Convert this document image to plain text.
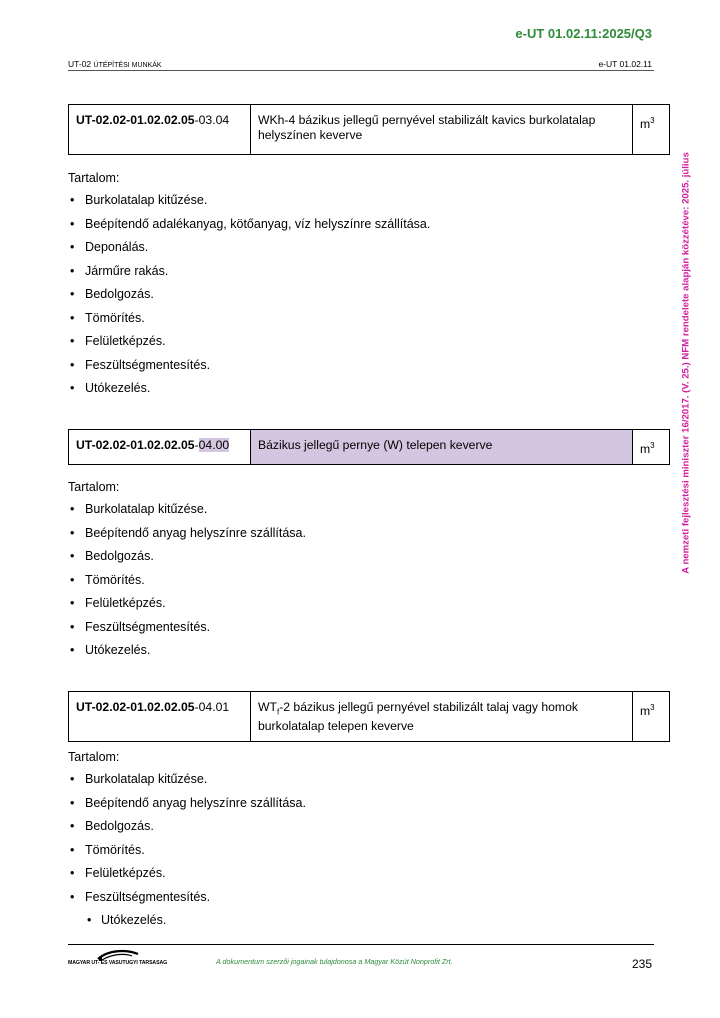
e-UT 01.02.11:2025/Q3
UT-02 ÚTÉPÍTÉSI MUNKÁK	e-UT 01.02.11
A nemzeti fejlesztési miniszter 16/2017. (V. 25.) NFM rendelete alapján közzétéve: 2025. július
UT-02.02-01.02.02.05-03.04	WKh-4 bázikus jellegű pernyével stabilizált kavics burkolatalap helyszínen keverve	$m^3$
Tartalom:
• Burkolatalap kitűzése.
• Beépítendő adalékanyag, kötőanyag, víz helyszínre szállítása.
• Deponálás.
• Járműre rakás.
• Bedolgozás.
• Tömörítés.
• Felületképzés.
• Feszültségmentesítés.
• Utókezelés.
UT-02.02-01.02.02.05-04.00	Bázikus jellegű pernye (W) telepen keverve	$m^3$
Tartalom:
• Burkolatalap kitűzése.
• Beépítendő anyag helyszínre szállítása.
• Bedolgozás.
• Tömörítés.
• Felületképzés.
• Feszültségmentesítés.
• Utókezelés.
UT-02.02-01.02.02.05-04.01	$WT_f-2$ bázikus jellegű pernyével stabilizált talaj vagy homok burkolatalap telepen keverve	$m^3$
Tartalom:
• Burkolatalap kitűzése.
• Beépítendő anyag helyszínre szállítása.
• Bedolgozás.
• Tömörítés.
• Felületképzés.
• Feszültségmentesítés.
• Utókezelés.
MAGYAR UT- ES VASUTUGYI TARSASAG	A dokumentum szerzői jogainak tulajdonosa a Magyar Közút Nonprofit Zrt.	235
